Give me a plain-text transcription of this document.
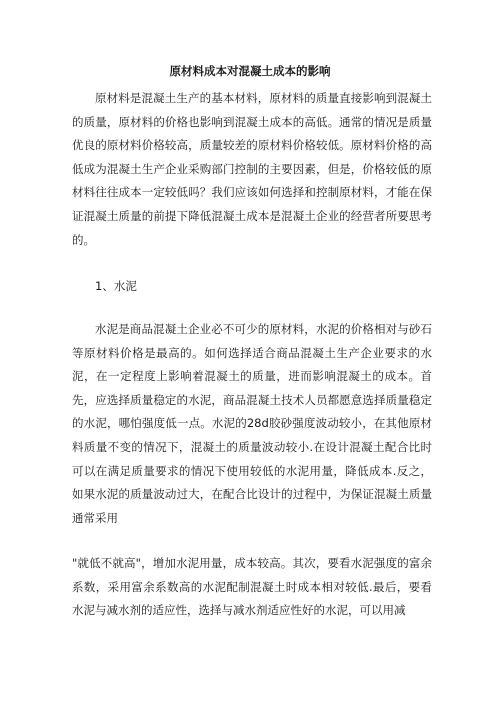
原材料成本对混凝土成本的影响

原材料是混凝土生产的基本材料，原材料的质量直接影响到混凝土的质量，原材料的价格也影响到混凝土成本的高低。通常的情况是质量优良的原材料价格较高，质量较差的原材料价格较低。原材料价格的高低成为混凝土生产企业采购部门控制的主要因素，但是，价格较低的原材料往往成本一定较低吗？我们应该如何选择和控制原材料，才能在保证混凝土质量的前提下降低混凝土成本是混凝土企业的经营者所要思考的。

1、水泥

水泥是商品混凝土企业必不可少的原材料，水泥的价格相对与砂石等原材料价格是最高的。如何选择适合商品混凝土生产企业要求的水泥，在一定程度上影响着混凝土的质量，进而影响混凝土的成本。首先，应选择质量稳定的水泥，商品混凝土技术人员都愿意选择质量稳定的水泥，哪怕强度低一点。水泥的28d胶砂强度波动较小，在其他原材料质量不变的情况下，混凝土的质量波动较小.在设计混凝土配合比时可以在满足质量要求的情况下使用较低的水泥用量，降低成本.反之，如果水泥的质量波动过大，在配合比设计的过程中，为保证混凝土质量通常采用

"就低不就高"，增加水泥用量，成本较高。其次，要看水泥强度的富余系数，采用富余系数高的水泥配制混凝土时成本相对较低.最后，要看水泥与减水剂的适应性，选择与减水剂适应性好的水泥，可以用减
